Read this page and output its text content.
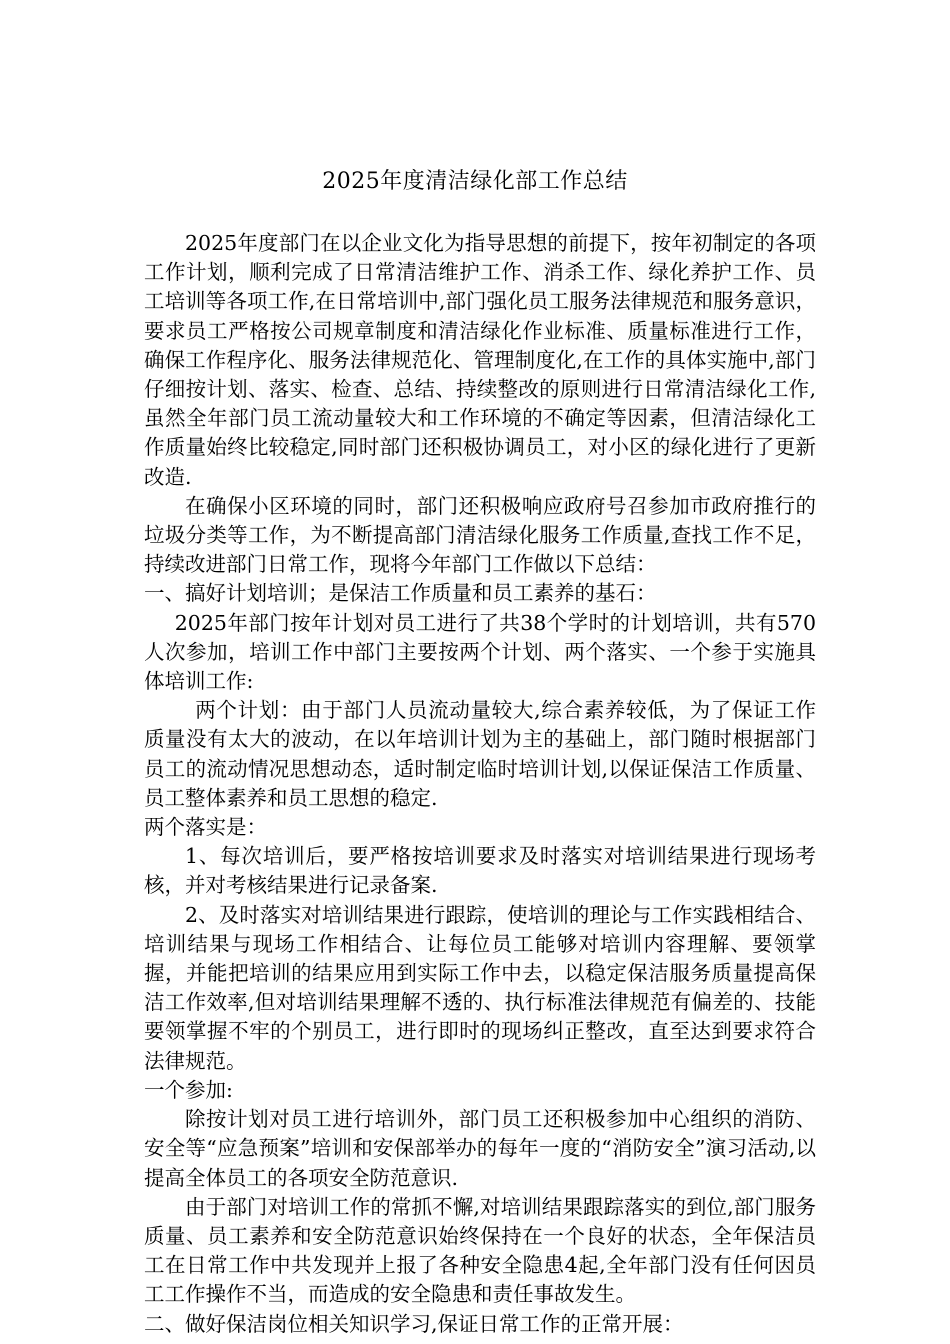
2025年度清洁绿化部工作总结

2025年度部门在以企业文化为指导思想的前提下，按年初制定的各项工作计划，顺利完成了日常清洁维护工作、消杀工作、绿化养护工作、员工培训等各项工作,在日常培训中,部门强化员工服务法律规范和服务意识，要求员工严格按公司规章制度和清洁绿化作业标准、质量标准进行工作，确保工作程序化、服务法律规范化、管理制度化,在工作的具体实施中,部门仔细按计划、落实、检查、总结、持续整改的原则进行日常清洁绿化工作,虽然全年部门员工流动量较大和工作环境的不确定等因素，但清洁绿化工作质量始终比较稳定,同时部门还积极协调员工，对小区的绿化进行了更新改造.

在确保小区环境的同时，部门还积极响应政府号召参加市政府推行的垃圾分类等工作，为不断提高部门清洁绿化服务工作质量,查找工作不足，持续改进部门日常工作，现将今年部门工作做以下总结：

一、搞好计划培训；是保洁工作质量和员工素养的基石：

2025年部门按年计划对员工进行了共38个学时的计划培训，共有570人次参加，培训工作中部门主要按两个计划、两个落实、一个参于实施具体培训工作:

两个计划：由于部门人员流动量较大,综合素养较低，为了保证工作质量没有太大的波动，在以年培训计划为主的基础上，部门随时根据部门员工的流动情况思想动态，适时制定临时培训计划,以保证保洁工作质量、员工整体素养和员工思想的稳定.

两个落实是：

1、每次培训后，要严格按培训要求及时落实对培训结果进行现场考核，并对考核结果进行记录备案.

2、及时落实对培训结果进行跟踪，使培训的理论与工作实践相结合、培训结果与现场工作相结合、让每位员工能够对培训内容理解、要领掌握，并能把培训的结果应用到实际工作中去，以稳定保洁服务质量提高保洁工作效率,但对培训结果理解不透的、执行标准法律规范有偏差的、技能要领掌握不牢的个别员工，进行即时的现场纠正整改，直至达到要求符合法律规范。

一个参加:

除按计划对员工进行培训外，部门员工还积极参加中心组织的消防、安全等“应急预案”培训和安保部举办的每年一度的“消防安全”演习活动,以提高全体员工的各项安全防范意识.

由于部门对培训工作的常抓不懈,对培训结果跟踪落实的到位,部门服务质量、员工素养和安全防范意识始终保持在一个良好的状态，全年保洁员工在日常工作中共发现并上报了各种安全隐患4起,全年部门没有任何因员工工作操作不当，而造成的安全隐患和责任事故发生。

二、做好保洁岗位相关知识学习,保证日常工作的正常开展：
